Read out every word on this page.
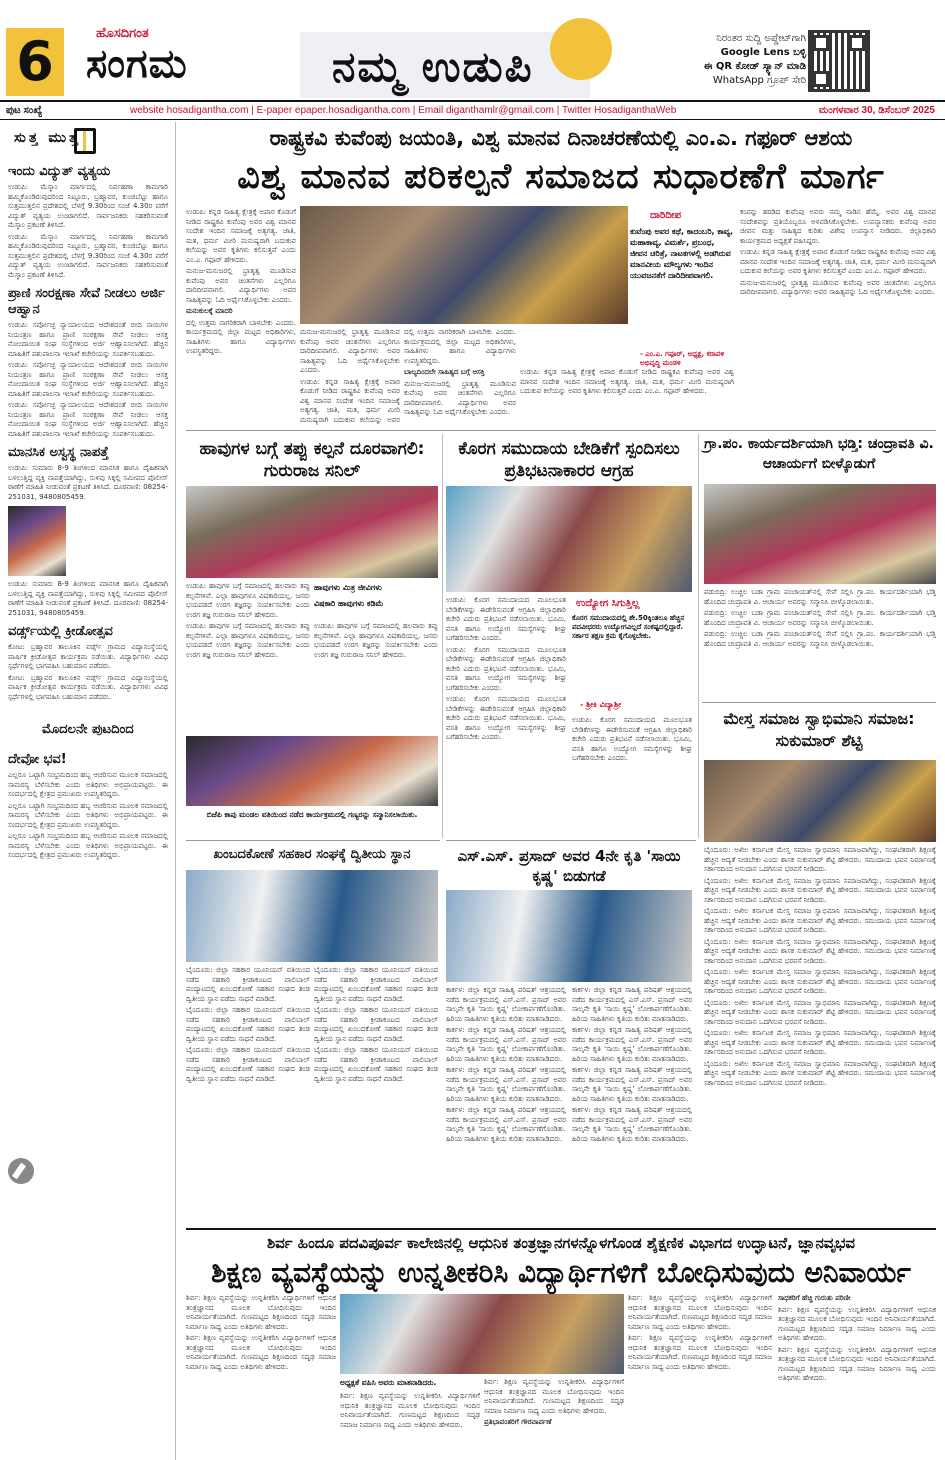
6	ಹೊಸದಿಗಂತ
ಸಂಗಮ	ನಮ್ಮ ಉಡುಪಿ
ನಿರಂತರ ಸುದ್ದಿ ಅಪ್ಡೇಟ್‌ಗಾಗಿ
Google Lens ಬಳ್ಳಿ
ಈ QR ಕೋಡ್ ಸ್ಕ್ಯಾನ್ ಮಾಡಿ
WhatsApp ಗ್ರೂಪ್ ಸೇರಿ
ಪುಟ ಸಂಖ್ಯೆ	website hosadigantha.com | E-paper epaper.hosadigantha.com | Email diganthamlr@gmail.com | Twitter HosadiganthaWeb	ಮಂಗಳವಾರ 30, ಡಿಸೆಂಬರ್ 2025
ಸುತ್ತ ಮುತ್ತ
ಇಂದು ವಿದ್ಯುತ್ ವ್ಯತ್ಯಯ

ಉಡುಪಿ: ಮೆಸ್ಕಾಂ ಮಾರ್ಗದಲ್ಲಿ ನಿರ್ವಹಣಾ ಕಾಮಗಾರಿ ಹಮ್ಮಿಕೊಂಡಿರುವುದರಿಂದ ನಿಟ್ಟೂರು, ಬ್ರಹ್ಮಾವರ, ಕುಂಜಿಬೆಟ್ಟು ಹಾಗೂ ಸುತ್ತಮುತ್ತಲಿನ ಪ್ರದೇಶದಲ್ಲಿ ಬೆಳಗ್ಗೆ 9.30ರಿಂದ ಸಂಜೆ 4.30ರ ವರೆಗೆ ವಿದ್ಯುತ್ ವ್ಯತ್ಯಯ ಉಂಟಾಗಲಿದೆ. ಸಾರ್ವಜನಿಕರು ಸಹಕರಿಸುವಂತೆ ಮೆಸ್ಕಾಂ ಪ್ರಕಟಣೆ ತಿಳಿಸಿದೆ.

ಉಡುಪಿ: ಮೆಸ್ಕಾಂ ಮಾರ್ಗದಲ್ಲಿ ನಿರ್ವಹಣಾ ಕಾಮಗಾರಿ ಹಮ್ಮಿಕೊಂಡಿರುವುದರಿಂದ ನಿಟ್ಟೂರು, ಬ್ರಹ್ಮಾವರ, ಕುಂಜಿಬೆಟ್ಟು ಹಾಗೂ ಸುತ್ತಮುತ್ತಲಿನ ಪ್ರದೇಶದಲ್ಲಿ ಬೆಳಗ್ಗೆ 9.30ರಿಂದ ಸಂಜೆ 4.30ರ ವರೆಗೆ ವಿದ್ಯುತ್ ವ್ಯತ್ಯಯ ಉಂಟಾಗಲಿದೆ. ಸಾರ್ವಜನಿಕರು ಸಹಕರಿಸುವಂತೆ ಮೆಸ್ಕಾಂ ಪ್ರಕಟಣೆ ತಿಳಿಸಿದೆ.

ಪ್ರಾಣಿ ಸಂರಕ್ಷಣಾ ಸೇವೆ ನೀಡಲು ಅರ್ಜಿ ಆಹ್ವಾನ

ಉಡುಪಿ: ಸರ್ವೋಚ್ಛ ನ್ಯಾಯಾಲಯದ ಆದೇಶದಂತೆ ಬೀದಿ ನಾಯಿಗಳ ನಿಯಂತ್ರಣ ಹಾಗೂ ಪ್ರಾಣಿ ಸಂರಕ್ಷಣಾ ಸೇವೆ ನೀಡಲು ಆಸಕ್ತ ನೋಂದಾಯಿತ ಸಂಘ ಸಂಸ್ಥೆಗಳಿಂದ ಅರ್ಜಿ ಆಹ್ವಾನಿಸಲಾಗಿದೆ. ಹೆಚ್ಚಿನ ಮಾಹಿತಿಗೆ ಪಶುಪಾಲನಾ ಇಲಾಖೆ ಕಚೇರಿಯನ್ನು ಸಂಪರ್ಕಿಸಬಹುದು.

ಉಡುಪಿ: ಸರ್ವೋಚ್ಛ ನ್ಯಾಯಾಲಯದ ಆದೇಶದಂತೆ ಬೀದಿ ನಾಯಿಗಳ ನಿಯಂತ್ರಣ ಹಾಗೂ ಪ್ರಾಣಿ ಸಂರಕ್ಷಣಾ ಸೇವೆ ನೀಡಲು ಆಸಕ್ತ ನೋಂದಾಯಿತ ಸಂಘ ಸಂಸ್ಥೆಗಳಿಂದ ಅರ್ಜಿ ಆಹ್ವಾನಿಸಲಾಗಿದೆ. ಹೆಚ್ಚಿನ ಮಾಹಿತಿಗೆ ಪಶುಪಾಲನಾ ಇಲಾಖೆ ಕಚೇರಿಯನ್ನು ಸಂಪರ್ಕಿಸಬಹುದು.

ಉಡುಪಿ: ಸರ್ವೋಚ್ಛ ನ್ಯಾಯಾಲಯದ ಆದೇಶದಂತೆ ಬೀದಿ ನಾಯಿಗಳ ನಿಯಂತ್ರಣ ಹಾಗೂ ಪ್ರಾಣಿ ಸಂರಕ್ಷಣಾ ಸೇವೆ ನೀಡಲು ಆಸಕ್ತ ನೋಂದಾಯಿತ ಸಂಘ ಸಂಸ್ಥೆಗಳಿಂದ ಅರ್ಜಿ ಆಹ್ವಾನಿಸಲಾಗಿದೆ. ಹೆಚ್ಚಿನ ಮಾಹಿತಿಗೆ ಪಶುಪಾಲನಾ ಇಲಾಖೆ ಕಚೇರಿಯನ್ನು ಸಂಪರ್ಕಿಸಬಹುದು.

ಮಾನಸಿಕ ಅಸ್ವಸ್ಥ ನಾಪತ್ತೆ

ಉಡುಪಿ: ಸುಮಾರು 8-9 ತಿಂಗಳಿಂದ ಮಾನಸಿಕ ಹಾಗೂ ದೈಹಿಕವಾಗಿ ಬಳಲುತ್ತಿದ್ದ ವ್ಯಕ್ತಿ ನಾಪತ್ತೆಯಾಗಿದ್ದು, ಸುಳಿವು ಸಿಕ್ಕಲ್ಲಿ ಸಮೀಪದ ಪೊಲೀಸ್ ಠಾಣೆಗೆ ಮಾಹಿತಿ ನೀಡುವಂತೆ ಪ್ರಕಟಣೆ ತಿಳಿಸಿದೆ. ದೂರವಾಣಿ: 08254-251031, 9480805459.

ಉಡುಪಿ: ಸುಮಾರು 8-9 ತಿಂಗಳಿಂದ ಮಾನಸಿಕ ಹಾಗೂ ದೈಹಿಕವಾಗಿ ಬಳಲುತ್ತಿದ್ದ ವ್ಯಕ್ತಿ ನಾಪತ್ತೆಯಾಗಿದ್ದು, ಸುಳಿವು ಸಿಕ್ಕಲ್ಲಿ ಸಮೀಪದ ಪೊಲೀಸ್ ಠಾಣೆಗೆ ಮಾಹಿತಿ ನೀಡುವಂತೆ ಪ್ರಕಟಣೆ ತಿಳಿಸಿದೆ. ದೂರವಾಣಿ: 08254-251031, 9480805459.

ವರ್ಡ್ಸ್‌ಯಲ್ಲಿ ಕ್ರೀಡೋತ್ಸವ

ಕೋಟ: ಬ್ರಹ್ಮಾವರ ತಾಲೂಕಿನ ವರ್ಡ್ಸ್ ಗ್ರಾಮದ ವಿದ್ಯಾಸಂಸ್ಥೆಯಲ್ಲಿ ವಾರ್ಷಿಕ ಕ್ರೀಡೋತ್ಸವ ಕಾರ್ಯಕ್ರಮ ನಡೆಯಿತು. ವಿದ್ಯಾರ್ಥಿಗಳು ವಿವಿಧ ಸ್ಪರ್ಧೆಗಳಲ್ಲಿ ಭಾಗವಹಿಸಿ ಬಹುಮಾನ ಪಡೆದರು.

ಕೋಟ: ಬ್ರಹ್ಮಾವರ ತಾಲೂಕಿನ ವರ್ಡ್ಸ್ ಗ್ರಾಮದ ವಿದ್ಯಾಸಂಸ್ಥೆಯಲ್ಲಿ ವಾರ್ಷಿಕ ಕ್ರೀಡೋತ್ಸವ ಕಾರ್ಯಕ್ರಮ ನಡೆಯಿತು. ವಿದ್ಯಾರ್ಥಿಗಳು ವಿವಿಧ ಸ್ಪರ್ಧೆಗಳಲ್ಲಿ ಭಾಗವಹಿಸಿ ಬಹುಮಾನ ಪಡೆದರು.

ಮೊದಲನೇ ಪುಟದಿಂದ
ದೇವೋ ಭವ!

ಎಲ್ಲರೂ ಒಟ್ಟಾಗಿ ಸಂಭ್ರಮದಿಂದ ಹಬ್ಬ ಆಚರಿಸುವ ಮೂಲಕ ಸಮಾಜದಲ್ಲಿ ಸಾಮರಸ್ಯ ಬೆಳೆಸಬೇಕು ಎಂದು ಅತಿಥಿಗಳು ಅಭಿಪ್ರಾಯಪಟ್ಟರು. ಈ ಸಂದರ್ಭದಲ್ಲಿ ಕ್ಷೇತ್ರದ ಪ್ರಮುಖರು ಉಪಸ್ಥಿತರಿದ್ದರು.

ಎಲ್ಲರೂ ಒಟ್ಟಾಗಿ ಸಂಭ್ರಮದಿಂದ ಹಬ್ಬ ಆಚರಿಸುವ ಮೂಲಕ ಸಮಾಜದಲ್ಲಿ ಸಾಮರಸ್ಯ ಬೆಳೆಸಬೇಕು ಎಂದು ಅತಿಥಿಗಳು ಅಭಿಪ್ರಾಯಪಟ್ಟರು. ಈ ಸಂದರ್ಭದಲ್ಲಿ ಕ್ಷೇತ್ರದ ಪ್ರಮುಖರು ಉಪಸ್ಥಿತರಿದ್ದರು.

ಎಲ್ಲರೂ ಒಟ್ಟಾಗಿ ಸಂಭ್ರಮದಿಂದ ಹಬ್ಬ ಆಚರಿಸುವ ಮೂಲಕ ಸಮಾಜದಲ್ಲಿ ಸಾಮರಸ್ಯ ಬೆಳೆಸಬೇಕು ಎಂದು ಅತಿಥಿಗಳು ಅಭಿಪ್ರಾಯಪಟ್ಟರು. ಈ ಸಂದರ್ಭದಲ್ಲಿ ಕ್ಷೇತ್ರದ ಪ್ರಮುಖರು ಉಪಸ್ಥಿತರಿದ್ದರು.

ರಾಷ್ಟ್ರಕವಿ ಕುವೆಂಪು ಜಯಂತಿ, ವಿಶ್ವ ಮಾನವ ದಿನಾಚರಣೆಯಲ್ಲಿ ಎಂ.ಎ. ಗಫೂರ್ ಆಶಯ
ವಿಶ್ವ ಮಾನವ ಪರಿಕಲ್ಪನೆ ಸಮಾಜದ ಸುಧಾರಣೆಗೆ ಮಾರ್ಗ

ಉಡುಪಿ: ಕನ್ನಡ ಸಾಹಿತ್ಯ ಕ್ಷೇತ್ರಕ್ಕೆ ಅಪಾರ ಕೊಡುಗೆ ನೀಡಿದ ರಾಷ್ಟ್ರಕವಿ ಕುವೆಂಪು ಅವರ ವಿಶ್ವ ಮಾನವ ಸಂದೇಶ ಇಂದಿನ ಸಮಾಜಕ್ಕೆ ಅತ್ಯಗತ್ಯ. ಜಾತಿ, ಮತ, ಧರ್ಮ ಮೀರಿ ಮನುಷ್ಯರಾಗಿ ಬದುಕುವ ಕಲೆಯನ್ನು ಅವರ ಕೃತಿಗಳು ಕಲಿಸುತ್ತವೆ ಎಂದು ಎಂ.ಎ. ಗಫೂರ್ ಹೇಳಿದರು.

ಮನುಜ-ಮನುಜರಲ್ಲಿ ಭ್ರಾತೃತ್ವ ಮೂಡಿಸುವ ಕುವೆಂಪು ಅವರ ಚಿಂತನೆಗಳು ಎಲ್ಲರಿಗೂ ದಾರಿದೀಪವಾಗಲಿ. ವಿದ್ಯಾರ್ಥಿಗಳು ಅವರ ಸಾಹಿತ್ಯವನ್ನು ಓದಿ ಅರ್ಥೈಸಿಕೊಳ್ಳಬೇಕು ಎಂದರು.

ಮನುಕುಲಕ್ಕೆ ಮಾದರಿ

ದಲ್ಲಿ ಉತ್ತಮ ನಾಗರಿಕರಾಗಿ ಬಾಳಬೇಕು ಎಂದರು. ಕಾರ್ಯಕ್ರಮದಲ್ಲಿ ಜಿಲ್ಲಾ ಮಟ್ಟದ ಅಧಿಕಾರಿಗಳು, ಸಾಹಿತಿಗಳು ಹಾಗೂ ವಿದ್ಯಾರ್ಥಿಗಳು ಉಪಸ್ಥಿತರಿದ್ದರು.

ಮನುಜ-ಮನುಜರಲ್ಲಿ ಭ್ರಾತೃತ್ವ ಮೂಡಿಸುವ ಕುವೆಂಪು ಅವರ ಚಿಂತನೆಗಳು ಎಲ್ಲರಿಗೂ ದಾರಿದೀಪವಾಗಲಿ. ವಿದ್ಯಾರ್ಥಿಗಳು ಅವರ ಸಾಹಿತ್ಯವನ್ನು ಓದಿ ಅರ್ಥೈಸಿಕೊಳ್ಳಬೇಕು ಎಂದರು.

ಉಡುಪಿ: ಕನ್ನಡ ಸಾಹಿತ್ಯ ಕ್ಷೇತ್ರಕ್ಕೆ ಅಪಾರ ಕೊಡುಗೆ ನೀಡಿದ ರಾಷ್ಟ್ರಕವಿ ಕುವೆಂಪು ಅವರ ವಿಶ್ವ ಮಾನವ ಸಂದೇಶ ಇಂದಿನ ಸಮಾಜಕ್ಕೆ ಅತ್ಯಗತ್ಯ. ಜಾತಿ, ಮತ, ಧರ್ಮ ಮೀರಿ ಮನುಷ್ಯರಾಗಿ ಬದುಕುವ ಕಲೆಯನ್ನು ಅವರ

ದಲ್ಲಿ ಉತ್ತಮ ನಾಗರಿಕರಾಗಿ ಬಾಳಬೇಕು ಎಂದರು. ಕಾರ್ಯಕ್ರಮದಲ್ಲಿ ಜಿಲ್ಲಾ ಮಟ್ಟದ ಅಧಿಕಾರಿಗಳು, ಸಾಹಿತಿಗಳು ಹಾಗೂ ವಿದ್ಯಾರ್ಥಿಗಳು ಉಪಸ್ಥಿತರಿದ್ದರು.

ಬಾಲ್ಯದಿಂದಲೇ ಸಾಹಿತ್ಯದ ಬಗ್ಗೆ ಆಸಕ್ತಿ

ಮನುಜ-ಮನುಜರಲ್ಲಿ ಭ್ರಾತೃತ್ವ ಮೂಡಿಸುವ ಕುವೆಂಪು ಅವರ ಚಿಂತನೆಗಳು ಎಲ್ಲರಿಗೂ ದಾರಿದೀಪವಾಗಲಿ. ವಿದ್ಯಾರ್ಥಿಗಳು ಅವರ ಸಾಹಿತ್ಯವನ್ನು ಓದಿ ಅರ್ಥೈಸಿಕೊಳ್ಳಬೇಕು ಎಂದರು.

ದಾರಿದೀಪ
ಕುವೆಂಪು ಅವರ ಕಥೆ, ಕಾದಂಬರಿ, ಕಾವ್ಯ, ಮಹಾಕಾವ್ಯ, ವಿಮರ್ಶೆ, ಪ್ರಬಂಧ, ಜೀವನ ಚರಿತ್ರೆ, ನಾಟಕಗಳಲ್ಲಿ ಅಡಗಿರುವ ಮಾನವೀಯ ಮೌಲ್ಯಗಳು ಇಂದಿನ ಯುವಜನತೆಗೆ ದಾರಿದೀಪವಾಗಲಿ.
- ಎಂ.ಎ. ಗಫೂರ್, ಅಧ್ಯಕ್ಷ, ಕರಾವಳಿ ಅಭಿವೃದ್ಧಿ ಮಂಡಳಿ

ಉಡುಪಿ: ಕನ್ನಡ ಸಾಹಿತ್ಯ ಕ್ಷೇತ್ರಕ್ಕೆ ಅಪಾರ ಕೊಡುಗೆ ನೀಡಿದ ರಾಷ್ಟ್ರಕವಿ ಕುವೆಂಪು ಅವರ ವಿಶ್ವ ಮಾನವ ಸಂದೇಶ ಇಂದಿನ ಸಮಾಜಕ್ಕೆ ಅತ್ಯಗತ್ಯ. ಜಾತಿ, ಮತ, ಧರ್ಮ ಮೀರಿ ಮನುಷ್ಯರಾಗಿ ಬದುಕುವ ಕಲೆಯನ್ನು ಅವರ ಕೃತಿಗಳು ಕಲಿಸುತ್ತವೆ ಎಂದು ಎಂ.ಎ. ಗಫೂರ್ ಹೇಳಿದರು.

ಕಂಪನ್ನು ಹರಡಿದ ಕುವೆಂಪು ಅವರು ನಮ್ಮ ನಾಡಿನ ಹೆಮ್ಮೆ. ಅವರ ವಿಶ್ವ ಮಾನವ ಸಂದೇಶವನ್ನು ಪ್ರತಿಯೊಬ್ಬರೂ ಅಳವಡಿಸಿಕೊಳ್ಳಬೇಕು. ಉಪನ್ಯಾಸಕರು ಕುವೆಂಪು ಅವರ ಜೀವನ ಮತ್ತು ಸಾಹಿತ್ಯದ ಕುರಿತು ವಿಶೇಷ ಉಪನ್ಯಾಸ ನೀಡಿದರು. ಜಿಲ್ಲಾಧಿಕಾರಿ ಕಾರ್ಯಕ್ರಮದ ಅಧ್ಯಕ್ಷತೆ ವಹಿಸಿದ್ದರು.

ಉಡುಪಿ: ಕನ್ನಡ ಸಾಹಿತ್ಯ ಕ್ಷೇತ್ರಕ್ಕೆ ಅಪಾರ ಕೊಡುಗೆ ನೀಡಿದ ರಾಷ್ಟ್ರಕವಿ ಕುವೆಂಪು ಅವರ ವಿಶ್ವ ಮಾನವ ಸಂದೇಶ ಇಂದಿನ ಸಮಾಜಕ್ಕೆ ಅತ್ಯಗತ್ಯ. ಜಾತಿ, ಮತ, ಧರ್ಮ ಮೀರಿ ಮನುಷ್ಯರಾಗಿ ಬದುಕುವ ಕಲೆಯನ್ನು ಅವರ ಕೃತಿಗಳು ಕಲಿಸುತ್ತವೆ ಎಂದು ಎಂ.ಎ. ಗಫೂರ್ ಹೇಳಿದರು.

ಮನುಜ-ಮನುಜರಲ್ಲಿ ಭ್ರಾತೃತ್ವ ಮೂಡಿಸುವ ಕುವೆಂಪು ಅವರ ಚಿಂತನೆಗಳು ಎಲ್ಲರಿಗೂ ದಾರಿದೀಪವಾಗಲಿ. ವಿದ್ಯಾರ್ಥಿಗಳು ಅವರ ಸಾಹಿತ್ಯವನ್ನು ಓದಿ ಅರ್ಥೈಸಿಕೊಳ್ಳಬೇಕು ಎಂದರು.

ಹಾವುಗಳ ಬಗ್ಗೆ ತಪ್ಪು ಕಲ್ಪನೆ ದೂರವಾಗಲಿ: ಗುರುರಾಜ ಸನಿಲ್

ಉಡುಪಿ: ಹಾವುಗಳ ಬಗ್ಗೆ ಸಮಾಜದಲ್ಲಿ ಹಲವಾರು ತಪ್ಪು ಕಲ್ಪನೆಗಳಿವೆ. ಎಲ್ಲಾ ಹಾವುಗಳೂ ವಿಷಕಾರಿಯಲ್ಲ. ಜನರು ಭಯಪಡದೆ ಉರಗ ತಜ್ಞರನ್ನು ಸಂಪರ್ಕಿಸಬೇಕು ಎಂದು ಉರಗ ತಜ್ಞ ಗುರುರಾಜ ಸನಿಲ್ ಹೇಳಿದರು.

ಉಡುಪಿ: ಹಾವುಗಳ ಬಗ್ಗೆ ಸಮಾಜದಲ್ಲಿ ಹಲವಾರು ತಪ್ಪು ಕಲ್ಪನೆಗಳಿವೆ. ಎಲ್ಲಾ ಹಾವುಗಳೂ ವಿಷಕಾರಿಯಲ್ಲ. ಜನರು ಭಯಪಡದೆ ಉರಗ ತಜ್ಞರನ್ನು ಸಂಪರ್ಕಿಸಬೇಕು ಎಂದು ಉರಗ ತಜ್ಞ ಗುರುರಾಜ ಸನಿಲ್ ಹೇಳಿದರು.

ಹಾವುಗಳು ಮಿತ್ರ ಜೀವಿಗಳು
ವಿಷಕಾರಿ ಹಾವುಗಳು ಕಡಿಮೆ

ಉಡುಪಿ: ಹಾವುಗಳ ಬಗ್ಗೆ ಸಮಾಜದಲ್ಲಿ ಹಲವಾರು ತಪ್ಪು ಕಲ್ಪನೆಗಳಿವೆ. ಎಲ್ಲಾ ಹಾವುಗಳೂ ವಿಷಕಾರಿಯಲ್ಲ. ಜನರು ಭಯಪಡದೆ ಉರಗ ತಜ್ಞರನ್ನು ಸಂಪರ್ಕಿಸಬೇಕು ಎಂದು ಉರಗ ತಜ್ಞ ಗುರುರಾಜ ಸನಿಲ್ ಹೇಳಿದರು.

ಬಿಜೆಪಿ ಕಾಪು ಮಂಡಲ ವತಿಯಿಂದ ನಡೆದ ಕಾರ್ಯಕ್ರಮದಲ್ಲಿ ಗಣ್ಯರನ್ನು ಸನ್ಮಾನಿಸಲಾಯಿತು.
ಕೊರಗ ಸಮುದಾಯ ಬೇಡಿಕೆಗೆ ಸ್ಪಂದಿಸಲು ಪ್ರತಿಭಟನಾಕಾರರ ಆಗ್ರಹ

ಉಡುಪಿ: ಕೊರಗ ಸಮುದಾಯದ ಮೂಲಭೂತ ಬೇಡಿಕೆಗಳನ್ನು ಈಡೇರಿಸುವಂತೆ ಆಗ್ರಹಿಸಿ ಜಿಲ್ಲಾಧಿಕಾರಿ ಕಚೇರಿ ಎದುರು ಪ್ರತಿಭಟನೆ ನಡೆಸಲಾಯಿತು. ಭೂಮಿ, ವಸತಿ ಹಾಗೂ ಉದ್ಯೋಗ ಸಮಸ್ಯೆಗಳನ್ನು ಶೀಘ್ರ ಬಗೆಹರಿಸಬೇಕು ಎಂದರು.

ಉಡುಪಿ: ಕೊರಗ ಸಮುದಾಯದ ಮೂಲಭೂತ ಬೇಡಿಕೆಗಳನ್ನು ಈಡೇರಿಸುವಂತೆ ಆಗ್ರಹಿಸಿ ಜಿಲ್ಲಾಧಿಕಾರಿ ಕಚೇರಿ ಎದುರು ಪ್ರತಿಭಟನೆ ನಡೆಸಲಾಯಿತು. ಭೂಮಿ, ವಸತಿ ಹಾಗೂ ಉದ್ಯೋಗ ಸಮಸ್ಯೆಗಳನ್ನು ಶೀಘ್ರ ಬಗೆಹರಿಸಬೇಕು ಎಂದರು.

ಉಡುಪಿ: ಕೊರಗ ಸಮುದಾಯದ ಮೂಲಭೂತ ಬೇಡಿಕೆಗಳನ್ನು ಈಡೇರಿಸುವಂತೆ ಆಗ್ರಹಿಸಿ ಜಿಲ್ಲಾಧಿಕಾರಿ ಕಚೇರಿ ಎದುರು ಪ್ರತಿಭಟನೆ ನಡೆಸಲಾಯಿತು. ಭೂಮಿ, ವಸತಿ ಹಾಗೂ ಉದ್ಯೋಗ ಸಮಸ್ಯೆಗಳನ್ನು ಶೀಘ್ರ ಬಗೆಹರಿಸಬೇಕು ಎಂದರು.

ಉದ್ಯೋಗ ಸಿಗುತ್ತಿಲ್ಲ
ಕೊರಗ ಸಮುದಾಯದಲ್ಲಿ ಶೇ.50ಕ್ಕಿಂತಲೂ ಹೆಚ್ಚಿನ ಪದವೀಧರರು ಉದ್ಯೋಗವಿಲ್ಲದೆ ಸಂಕಷ್ಟದಲ್ಲಿದ್ದಾರೆ. ಸರ್ಕಾರ ತಕ್ಷಣ ಕ್ರಮ ಕೈಗೊಳ್ಳಬೇಕು.
- ಶ್ರೀಕಿ ವಿದ್ಯಾಶ್ರೀ

ಉಡುಪಿ: ಕೊರಗ ಸಮುದಾಯದ ಮೂಲಭೂತ ಬೇಡಿಕೆಗಳನ್ನು ಈಡೇರಿಸುವಂತೆ ಆಗ್ರಹಿಸಿ ಜಿಲ್ಲಾಧಿಕಾರಿ ಕಚೇರಿ ಎದುರು ಪ್ರತಿಭಟನೆ ನಡೆಸಲಾಯಿತು. ಭೂಮಿ, ವಸತಿ ಹಾಗೂ ಉದ್ಯೋಗ ಸಮಸ್ಯೆಗಳನ್ನು ಶೀಘ್ರ ಬಗೆಹರಿಸಬೇಕು ಎಂದರು.

ಗ್ರಾ.ಪಂ. ಕಾರ್ಯದರ್ಶಿಯಾಗಿ ಭಡ್ತಿ: ಚಂದ್ರಾವತಿ ವಿ. ಆಚಾರ್ಯಗೆ ಬೀಳ್ಕೊಡುಗೆ

ಪಡುಬಿದ್ರಿ: ಉಚ್ಚಿಲ ಬಡಾ ಗ್ರಾಮ ಪಂಚಾಯತ್‌ನಲ್ಲಿ ಸೇವೆ ಸಲ್ಲಿಸಿ ಗ್ರಾ.ಪಂ. ಕಾರ್ಯದರ್ಶಿಯಾಗಿ ಭಡ್ತಿ ಹೊಂದಿದ ಚಂದ್ರಾವತಿ ವಿ. ಆಚಾರ್ಯ ಅವರನ್ನು ಸನ್ಮಾನಿಸಿ ಬೀಳ್ಕೊಡಲಾಯಿತು.

ಪಡುಬಿದ್ರಿ: ಉಚ್ಚಿಲ ಬಡಾ ಗ್ರಾಮ ಪಂಚಾಯತ್‌ನಲ್ಲಿ ಸೇವೆ ಸಲ್ಲಿಸಿ ಗ್ರಾ.ಪಂ. ಕಾರ್ಯದರ್ಶಿಯಾಗಿ ಭಡ್ತಿ ಹೊಂದಿದ ಚಂದ್ರಾವತಿ ವಿ. ಆಚಾರ್ಯ ಅವರನ್ನು ಸನ್ಮಾನಿಸಿ ಬೀಳ್ಕೊಡಲಾಯಿತು.

ಪಡುಬಿದ್ರಿ: ಉಚ್ಚಿಲ ಬಡಾ ಗ್ರಾಮ ಪಂಚಾಯತ್‌ನಲ್ಲಿ ಸೇವೆ ಸಲ್ಲಿಸಿ ಗ್ರಾ.ಪಂ. ಕಾರ್ಯದರ್ಶಿಯಾಗಿ ಭಡ್ತಿ ಹೊಂದಿದ ಚಂದ್ರಾವತಿ ವಿ. ಆಚಾರ್ಯ ಅವರನ್ನು ಸನ್ಮಾನಿಸಿ ಬೀಳ್ಕೊಡಲಾಯಿತು.

ಮೇಸ್ತ ಸಮಾಜ ಸ್ವಾಭಿಮಾನಿ ಸಮಾಜ: ಸುಕುಮಾರ್ ಶೆಟ್ಟಿ

ಬೈಂದೂರು: ಅಖಿಲ ಕರ್ನಾಟಕ ಮೇಸ್ತ ಸಮಾಜ ಸ್ವಾಭಿಮಾನಿ ಸಮಾಜವಾಗಿದ್ದು, ಸಂಘಟಿತರಾಗಿ ಶಿಕ್ಷಣಕ್ಕೆ ಹೆಚ್ಚಿನ ಆದ್ಯತೆ ನೀಡಬೇಕು ಎಂದು ಶಾಸಕ ಸುಕುಮಾರ್ ಶೆಟ್ಟಿ ಹೇಳಿದರು. ಸಮುದಾಯ ಭವನ ನಿರ್ಮಾಣಕ್ಕೆ ಸರ್ಕಾರದಿಂದ ಅನುದಾನ ಒದಗಿಸುವ ಭರವಸೆ ನೀಡಿದರು.

ಬೈಂದೂರು: ಅಖಿಲ ಕರ್ನಾಟಕ ಮೇಸ್ತ ಸಮಾಜ ಸ್ವಾಭಿಮಾನಿ ಸಮಾಜವಾಗಿದ್ದು, ಸಂಘಟಿತರಾಗಿ ಶಿಕ್ಷಣಕ್ಕೆ ಹೆಚ್ಚಿನ ಆದ್ಯತೆ ನೀಡಬೇಕು ಎಂದು ಶಾಸಕ ಸುಕುಮಾರ್ ಶೆಟ್ಟಿ ಹೇಳಿದರು. ಸಮುದಾಯ ಭವನ ನಿರ್ಮಾಣಕ್ಕೆ ಸರ್ಕಾರದಿಂದ ಅನುದಾನ ಒದಗಿಸುವ ಭರವಸೆ ನೀಡಿದರು.

ಬೈಂದೂರು: ಅಖಿಲ ಕರ್ನಾಟಕ ಮೇಸ್ತ ಸಮಾಜ ಸ್ವಾಭಿಮಾನಿ ಸಮಾಜವಾಗಿದ್ದು, ಸಂಘಟಿತರಾಗಿ ಶಿಕ್ಷಣಕ್ಕೆ ಹೆಚ್ಚಿನ ಆದ್ಯತೆ ನೀಡಬೇಕು ಎಂದು ಶಾಸಕ ಸುಕುಮಾರ್ ಶೆಟ್ಟಿ ಹೇಳಿದರು. ಸಮುದಾಯ ಭವನ ನಿರ್ಮಾಣಕ್ಕೆ ಸರ್ಕಾರದಿಂದ ಅನುದಾನ ಒದಗಿಸುವ ಭರವಸೆ ನೀಡಿದರು.

ಬೈಂದೂರು: ಅಖಿಲ ಕರ್ನಾಟಕ ಮೇಸ್ತ ಸಮಾಜ ಸ್ವಾಭಿಮಾನಿ ಸಮಾಜವಾಗಿದ್ದು, ಸಂಘಟಿತರಾಗಿ ಶಿಕ್ಷಣಕ್ಕೆ ಹೆಚ್ಚಿನ ಆದ್ಯತೆ ನೀಡಬೇಕು ಎಂದು ಶಾಸಕ ಸುಕುಮಾರ್ ಶೆಟ್ಟಿ ಹೇಳಿದರು. ಸಮುದಾಯ ಭವನ ನಿರ್ಮಾಣಕ್ಕೆ ಸರ್ಕಾರದಿಂದ ಅನುದಾನ ಒದಗಿಸುವ ಭರವಸೆ ನೀಡಿದರು.

ಬೈಂದೂರು: ಅಖಿಲ ಕರ್ನಾಟಕ ಮೇಸ್ತ ಸಮಾಜ ಸ್ವಾಭಿಮಾನಿ ಸಮಾಜವಾಗಿದ್ದು, ಸಂಘಟಿತರಾಗಿ ಶಿಕ್ಷಣಕ್ಕೆ ಹೆಚ್ಚಿನ ಆದ್ಯತೆ ನೀಡಬೇಕು ಎಂದು ಶಾಸಕ ಸುಕುಮಾರ್ ಶೆಟ್ಟಿ ಹೇಳಿದರು. ಸಮುದಾಯ ಭವನ ನಿರ್ಮಾಣಕ್ಕೆ ಸರ್ಕಾರದಿಂದ ಅನುದಾನ ಒದಗಿಸುವ ಭರವಸೆ ನೀಡಿದರು.

ಬೈಂದೂರು: ಅಖಿಲ ಕರ್ನಾಟಕ ಮೇಸ್ತ ಸಮಾಜ ಸ್ವಾಭಿಮಾನಿ ಸಮಾಜವಾಗಿದ್ದು, ಸಂಘಟಿತರಾಗಿ ಶಿಕ್ಷಣಕ್ಕೆ ಹೆಚ್ಚಿನ ಆದ್ಯತೆ ನೀಡಬೇಕು ಎಂದು ಶಾಸಕ ಸುಕುಮಾರ್ ಶೆಟ್ಟಿ ಹೇಳಿದರು. ಸಮುದಾಯ ಭವನ ನಿರ್ಮಾಣಕ್ಕೆ ಸರ್ಕಾರದಿಂದ ಅನುದಾನ ಒದಗಿಸುವ ಭರವಸೆ ನೀಡಿದರು.

ಬೈಂದೂರು: ಅಖಿಲ ಕರ್ನಾಟಕ ಮೇಸ್ತ ಸಮಾಜ ಸ್ವಾಭಿಮಾನಿ ಸಮಾಜವಾಗಿದ್ದು, ಸಂಘಟಿತರಾಗಿ ಶಿಕ್ಷಣಕ್ಕೆ ಹೆಚ್ಚಿನ ಆದ್ಯತೆ ನೀಡಬೇಕು ಎಂದು ಶಾಸಕ ಸುಕುಮಾರ್ ಶೆಟ್ಟಿ ಹೇಳಿದರು. ಸಮುದಾಯ ಭವನ ನಿರ್ಮಾಣಕ್ಕೆ ಸರ್ಕಾರದಿಂದ ಅನುದಾನ ಒದಗಿಸುವ ಭರವಸೆ ನೀಡಿದರು.

ಬೈಂದೂರು: ಅಖಿಲ ಕರ್ನಾಟಕ ಮೇಸ್ತ ಸಮಾಜ ಸ್ವಾಭಿಮಾನಿ ಸಮಾಜವಾಗಿದ್ದು, ಸಂಘಟಿತರಾಗಿ ಶಿಕ್ಷಣಕ್ಕೆ ಹೆಚ್ಚಿನ ಆದ್ಯತೆ ನೀಡಬೇಕು ಎಂದು ಶಾಸಕ ಸುಕುಮಾರ್ ಶೆಟ್ಟಿ ಹೇಳಿದರು. ಸಮುದಾಯ ಭವನ ನಿರ್ಮಾಣಕ್ಕೆ ಸರ್ಕಾರದಿಂದ ಅನುದಾನ ಒದಗಿಸುವ ಭರವಸೆ ನೀಡಿದರು.

ಎಸ್.ಎಸ್. ಪ್ರಸಾದ್ ಅವರ 4ನೇ ಕೃತಿ 'ಸಾಯಿ ಕೃಷ್ಣ' ಬಿಡುಗಡೆ

ಕಾರ್ಕಳ: ಜಿಲ್ಲಾ ಕನ್ನಡ ಸಾಹಿತ್ಯ ಪರಿಷತ್ ಆಶ್ರಯದಲ್ಲಿ ನಡೆದ ಕಾರ್ಯಕ್ರಮದಲ್ಲಿ ಎಸ್.ಎಸ್. ಪ್ರಸಾದ್ ಅವರ ನಾಲ್ಕನೇ ಕೃತಿ 'ಸಾಯಿ ಕೃಷ್ಣ' ಲೋಕಾರ್ಪಣೆಗೊಂಡಿತು. ಹಿರಿಯ ಸಾಹಿತಿಗಳು ಕೃತಿಯ ಕುರಿತು ಮಾತನಾಡಿದರು.

ಕಾರ್ಕಳ: ಜಿಲ್ಲಾ ಕನ್ನಡ ಸಾಹಿತ್ಯ ಪರಿಷತ್ ಆಶ್ರಯದಲ್ಲಿ ನಡೆದ ಕಾರ್ಯಕ್ರಮದಲ್ಲಿ ಎಸ್.ಎಸ್. ಪ್ರಸಾದ್ ಅವರ ನಾಲ್ಕನೇ ಕೃತಿ 'ಸಾಯಿ ಕೃಷ್ಣ' ಲೋಕಾರ್ಪಣೆಗೊಂಡಿತು. ಹಿರಿಯ ಸಾಹಿತಿಗಳು ಕೃತಿಯ ಕುರಿತು ಮಾತನಾಡಿದರು.

ಕಾರ್ಕಳ: ಜಿಲ್ಲಾ ಕನ್ನಡ ಸಾಹಿತ್ಯ ಪರಿಷತ್ ಆಶ್ರಯದಲ್ಲಿ ನಡೆದ ಕಾರ್ಯಕ್ರಮದಲ್ಲಿ ಎಸ್.ಎಸ್. ಪ್ರಸಾದ್ ಅವರ ನಾಲ್ಕನೇ ಕೃತಿ 'ಸಾಯಿ ಕೃಷ್ಣ' ಲೋಕಾರ್ಪಣೆಗೊಂಡಿತು. ಹಿರಿಯ ಸಾಹಿತಿಗಳು ಕೃತಿಯ ಕುರಿತು ಮಾತನಾಡಿದರು.

ಕಾರ್ಕಳ: ಜಿಲ್ಲಾ ಕನ್ನಡ ಸಾಹಿತ್ಯ ಪರಿಷತ್ ಆಶ್ರಯದಲ್ಲಿ ನಡೆದ ಕಾರ್ಯಕ್ರಮದಲ್ಲಿ ಎಸ್.ಎಸ್. ಪ್ರಸಾದ್ ಅವರ ನಾಲ್ಕನೇ ಕೃತಿ 'ಸಾಯಿ ಕೃಷ್ಣ' ಲೋಕಾರ್ಪಣೆಗೊಂಡಿತು. ಹಿರಿಯ ಸಾಹಿತಿಗಳು ಕೃತಿಯ ಕುರಿತು ಮಾತನಾಡಿದರು.

ಕಾರ್ಕಳ: ಜಿಲ್ಲಾ ಕನ್ನಡ ಸಾಹಿತ್ಯ ಪರಿಷತ್ ಆಶ್ರಯದಲ್ಲಿ ನಡೆದ ಕಾರ್ಯಕ್ರಮದಲ್ಲಿ ಎಸ್.ಎಸ್. ಪ್ರಸಾದ್ ಅವರ ನಾಲ್ಕನೇ ಕೃತಿ 'ಸಾಯಿ ಕೃಷ್ಣ' ಲೋಕಾರ್ಪಣೆಗೊಂಡಿತು. ಹಿರಿಯ ಸಾಹಿತಿಗಳು ಕೃತಿಯ ಕುರಿತು ಮಾತನಾಡಿದರು.

ಕಾರ್ಕಳ: ಜಿಲ್ಲಾ ಕನ್ನಡ ಸಾಹಿತ್ಯ ಪರಿಷತ್ ಆಶ್ರಯದಲ್ಲಿ ನಡೆದ ಕಾರ್ಯಕ್ರಮದಲ್ಲಿ ಎಸ್.ಎಸ್. ಪ್ರಸಾದ್ ಅವರ ನಾಲ್ಕನೇ ಕೃತಿ 'ಸಾಯಿ ಕೃಷ್ಣ' ಲೋಕಾರ್ಪಣೆಗೊಂಡಿತು. ಹಿರಿಯ ಸಾಹಿತಿಗಳು ಕೃತಿಯ ಕುರಿತು ಮಾತನಾಡಿದರು.

ಕಾರ್ಕಳ: ಜಿಲ್ಲಾ ಕನ್ನಡ ಸಾಹಿತ್ಯ ಪರಿಷತ್ ಆಶ್ರಯದಲ್ಲಿ ನಡೆದ ಕಾರ್ಯಕ್ರಮದಲ್ಲಿ ಎಸ್.ಎಸ್. ಪ್ರಸಾದ್ ಅವರ ನಾಲ್ಕನೇ ಕೃತಿ 'ಸಾಯಿ ಕೃಷ್ಣ' ಲೋಕಾರ್ಪಣೆಗೊಂಡಿತು. ಹಿರಿಯ ಸಾಹಿತಿಗಳು ಕೃತಿಯ ಕುರಿತು ಮಾತನಾಡಿದರು.

ಕಾರ್ಕಳ: ಜಿಲ್ಲಾ ಕನ್ನಡ ಸಾಹಿತ್ಯ ಪರಿಷತ್ ಆಶ್ರಯದಲ್ಲಿ ನಡೆದ ಕಾರ್ಯಕ್ರಮದಲ್ಲಿ ಎಸ್.ಎಸ್. ಪ್ರಸಾದ್ ಅವರ ನಾಲ್ಕನೇ ಕೃತಿ 'ಸಾಯಿ ಕೃಷ್ಣ' ಲೋಕಾರ್ಪಣೆಗೊಂಡಿತು. ಹಿರಿಯ ಸಾಹಿತಿಗಳು ಕೃತಿಯ ಕುರಿತು ಮಾತನಾಡಿದರು.

ಖಂಬದಕೋಣೆ ಸಹಕಾರ ಸಂಘಕ್ಕೆ ದ್ವಿತೀಯ ಸ್ಥಾನ

ಬೈಂದೂರು: ಜಿಲ್ಲಾ ಸಹಕಾರ ಯೂನಿಯನ್ ವತಿಯಿಂದ ನಡೆದ ಸಹಕಾರಿ ಕ್ರೀಡಾಕೂಟದ ವಾಲಿಬಾಲ್ ಪಂದ್ಯಾಟದಲ್ಲಿ ಖಂಬದಕೋಣೆ ಸಹಕಾರ ಸಂಘದ ತಂಡ ದ್ವಿತೀಯ ಸ್ಥಾನ ಪಡೆದು ಸಾಧನೆ ಮಾಡಿದೆ.

ಬೈಂದೂರು: ಜಿಲ್ಲಾ ಸಹಕಾರ ಯೂನಿಯನ್ ವತಿಯಿಂದ ನಡೆದ ಸಹಕಾರಿ ಕ್ರೀಡಾಕೂಟದ ವಾಲಿಬಾಲ್ ಪಂದ್ಯಾಟದಲ್ಲಿ ಖಂಬದಕೋಣೆ ಸಹಕಾರ ಸಂಘದ ತಂಡ ದ್ವಿತೀಯ ಸ್ಥಾನ ಪಡೆದು ಸಾಧನೆ ಮಾಡಿದೆ.

ಬೈಂದೂರು: ಜಿಲ್ಲಾ ಸಹಕಾರ ಯೂನಿಯನ್ ವತಿಯಿಂದ ನಡೆದ ಸಹಕಾರಿ ಕ್ರೀಡಾಕೂಟದ ವಾಲಿಬಾಲ್ ಪಂದ್ಯಾಟದಲ್ಲಿ ಖಂಬದಕೋಣೆ ಸಹಕಾರ ಸಂಘದ ತಂಡ ದ್ವಿತೀಯ ಸ್ಥಾನ ಪಡೆದು ಸಾಧನೆ ಮಾಡಿದೆ.

ಬೈಂದೂರು: ಜಿಲ್ಲಾ ಸಹಕಾರ ಯೂನಿಯನ್ ವತಿಯಿಂದ ನಡೆದ ಸಹಕಾರಿ ಕ್ರೀಡಾಕೂಟದ ವಾಲಿಬಾಲ್ ಪಂದ್ಯಾಟದಲ್ಲಿ ಖಂಬದಕೋಣೆ ಸಹಕಾರ ಸಂಘದ ತಂಡ ದ್ವಿತೀಯ ಸ್ಥಾನ ಪಡೆದು ಸಾಧನೆ ಮಾಡಿದೆ.

ಬೈಂದೂರು: ಜಿಲ್ಲಾ ಸಹಕಾರ ಯೂನಿಯನ್ ವತಿಯಿಂದ ನಡೆದ ಸಹಕಾರಿ ಕ್ರೀಡಾಕೂಟದ ವಾಲಿಬಾಲ್ ಪಂದ್ಯಾಟದಲ್ಲಿ ಖಂಬದಕೋಣೆ ಸಹಕಾರ ಸಂಘದ ತಂಡ ದ್ವಿತೀಯ ಸ್ಥಾನ ಪಡೆದು ಸಾಧನೆ ಮಾಡಿದೆ.

ಬೈಂದೂರು: ಜಿಲ್ಲಾ ಸಹಕಾರ ಯೂನಿಯನ್ ವತಿಯಿಂದ ನಡೆದ ಸಹಕಾರಿ ಕ್ರೀಡಾಕೂಟದ ವಾಲಿಬಾಲ್ ಪಂದ್ಯಾಟದಲ್ಲಿ ಖಂಬದಕೋಣೆ ಸಹಕಾರ ಸಂಘದ ತಂಡ ದ್ವಿತೀಯ ಸ್ಥಾನ ಪಡೆದು ಸಾಧನೆ ಮಾಡಿದೆ.

ಶಿರ್ವ ಹಿಂದೂ ಪದವಿಪೂರ್ವ ಕಾಲೇಜಿನಲ್ಲಿ ಆಧುನಿಕ ತಂತ್ರಜ್ಞಾನಗಳನ್ನೊಳಗೊಂಡ ಶೈಕ್ಷಣಿಕ ವಿಭಾಗದ ಉದ್ಘಾಟನೆ, ಜ್ಞಾನವೃಭವ
ಶಿಕ್ಷಣ ವ್ಯವಸ್ಥೆಯನ್ನು ಉನ್ನತೀಕರಿಸಿ ವಿದ್ಯಾರ್ಥಿಗಳಿಗೆ ಬೋಧಿಸುವುದು ಅನಿವಾರ್ಯ

ಶಿರ್ವ: ಶಿಕ್ಷಣ ವ್ಯವಸ್ಥೆಯನ್ನು ಉನ್ನತೀಕರಿಸಿ ವಿದ್ಯಾರ್ಥಿಗಳಿಗೆ ಆಧುನಿಕ ತಂತ್ರಜ್ಞಾನದ ಮೂಲಕ ಬೋಧಿಸುವುದು ಇಂದಿನ ಅನಿವಾರ್ಯತೆಯಾಗಿದೆ. ಗುಣಮಟ್ಟದ ಶಿಕ್ಷಣದಿಂದ ಸದೃಢ ಸಮಾಜ ನಿರ್ಮಾಣ ಸಾಧ್ಯ ಎಂದು ಅತಿಥಿಗಳು ಹೇಳಿದರು.

ಶಿರ್ವ: ಶಿಕ್ಷಣ ವ್ಯವಸ್ಥೆಯನ್ನು ಉನ್ನತೀಕರಿಸಿ ವಿದ್ಯಾರ್ಥಿಗಳಿಗೆ ಆಧುನಿಕ ತಂತ್ರಜ್ಞಾನದ ಮೂಲಕ ಬೋಧಿಸುವುದು ಇಂದಿನ ಅನಿವಾರ್ಯತೆಯಾಗಿದೆ. ಗುಣಮಟ್ಟದ ಶಿಕ್ಷಣದಿಂದ ಸದೃಢ ಸಮಾಜ ನಿರ್ಮಾಣ ಸಾಧ್ಯ ಎಂದು ಅತಿಥಿಗಳು ಹೇಳಿದರು.

ಅಧ್ಯಕ್ಷತೆ ವಹಿಸಿ ಅವರು ಮಾತನಾಡಿದರು.

ಶಿರ್ವ: ಶಿಕ್ಷಣ ವ್ಯವಸ್ಥೆಯನ್ನು ಉನ್ನತೀಕರಿಸಿ ವಿದ್ಯಾರ್ಥಿಗಳಿಗೆ ಆಧುನಿಕ ತಂತ್ರಜ್ಞಾನದ ಮೂಲಕ ಬೋಧಿಸುವುದು ಇಂದಿನ ಅನಿವಾರ್ಯತೆಯಾಗಿದೆ. ಗುಣಮಟ್ಟದ ಶಿಕ್ಷಣದಿಂದ ಸದೃಢ ಸಮಾಜ ನಿರ್ಮಾಣ ಸಾಧ್ಯ ಎಂದು ಅತಿಥಿಗಳು ಹೇಳಿದರು.

ಶಿರ್ವ: ಶಿಕ್ಷಣ ವ್ಯವಸ್ಥೆಯನ್ನು ಉನ್ನತೀಕರಿಸಿ ವಿದ್ಯಾರ್ಥಿಗಳಿಗೆ ಆಧುನಿಕ ತಂತ್ರಜ್ಞಾನದ ಮೂಲಕ ಬೋಧಿಸುವುದು ಇಂದಿನ ಅನಿವಾರ್ಯತೆಯಾಗಿದೆ. ಗುಣಮಟ್ಟದ ಶಿಕ್ಷಣದಿಂದ ಸದೃಢ ಸಮಾಜ ನಿರ್ಮಾಣ ಸಾಧ್ಯ ಎಂದು ಅತಿಥಿಗಳು ಹೇಳಿದರು.

ಪ್ರತಿಭಾವಂತರಿಗೆ ಗೌರವಾರ್ಪಣೆ

ಶಿರ್ವ: ಶಿಕ್ಷಣ ವ್ಯವಸ್ಥೆಯನ್ನು ಉನ್ನತೀಕರಿಸಿ ವಿದ್ಯಾರ್ಥಿಗಳಿಗೆ ಆಧುನಿಕ ತಂತ್ರಜ್ಞಾನದ ಮೂಲಕ ಬೋಧಿಸುವುದು ಇಂದಿನ ಅನಿವಾರ್ಯತೆಯಾಗಿದೆ. ಗುಣಮಟ್ಟದ ಶಿಕ್ಷಣದಿಂದ ಸದೃಢ ಸಮಾಜ ನಿರ್ಮಾಣ ಸಾಧ್ಯ ಎಂದು ಅತಿಥಿಗಳು ಹೇಳಿದರು.

ಶಿರ್ವ: ಶಿಕ್ಷಣ ವ್ಯವಸ್ಥೆಯನ್ನು ಉನ್ನತೀಕರಿಸಿ ವಿದ್ಯಾರ್ಥಿಗಳಿಗೆ ಆಧುನಿಕ ತಂತ್ರಜ್ಞಾನದ ಮೂಲಕ ಬೋಧಿಸುವುದು ಇಂದಿನ ಅನಿವಾರ್ಯತೆಯಾಗಿದೆ. ಗುಣಮಟ್ಟದ ಶಿಕ್ಷಣದಿಂದ ಸದೃಢ ಸಮಾಜ ನಿರ್ಮಾಣ ಸಾಧ್ಯ ಎಂದು ಅತಿಥಿಗಳು ಹೇಳಿದರು.

ಸಾಧಕರಿಗೆ ಹೆಚ್ಚಿ ಗುರುತು ಪರಿಣೀ

ಶಿರ್ವ: ಶಿಕ್ಷಣ ವ್ಯವಸ್ಥೆಯನ್ನು ಉನ್ನತೀಕರಿಸಿ ವಿದ್ಯಾರ್ಥಿಗಳಿಗೆ ಆಧುನಿಕ ತಂತ್ರಜ್ಞಾನದ ಮೂಲಕ ಬೋಧಿಸುವುದು ಇಂದಿನ ಅನಿವಾರ್ಯತೆಯಾಗಿದೆ. ಗುಣಮಟ್ಟದ ಶಿಕ್ಷಣದಿಂದ ಸದೃಢ ಸಮಾಜ ನಿರ್ಮಾಣ ಸಾಧ್ಯ ಎಂದು ಅತಿಥಿಗಳು ಹೇಳಿದರು.

ಶಿರ್ವ: ಶಿಕ್ಷಣ ವ್ಯವಸ್ಥೆಯನ್ನು ಉನ್ನತೀಕರಿಸಿ ವಿದ್ಯಾರ್ಥಿಗಳಿಗೆ ಆಧುನಿಕ ತಂತ್ರಜ್ಞಾನದ ಮೂಲಕ ಬೋಧಿಸುವುದು ಇಂದಿನ ಅನಿವಾರ್ಯತೆಯಾಗಿದೆ. ಗುಣಮಟ್ಟದ ಶಿಕ್ಷಣದಿಂದ ಸದೃಢ ಸಮಾಜ ನಿರ್ಮಾಣ ಸಾಧ್ಯ ಎಂದು ಅತಿಥಿಗಳು ಹೇಳಿದರು.
